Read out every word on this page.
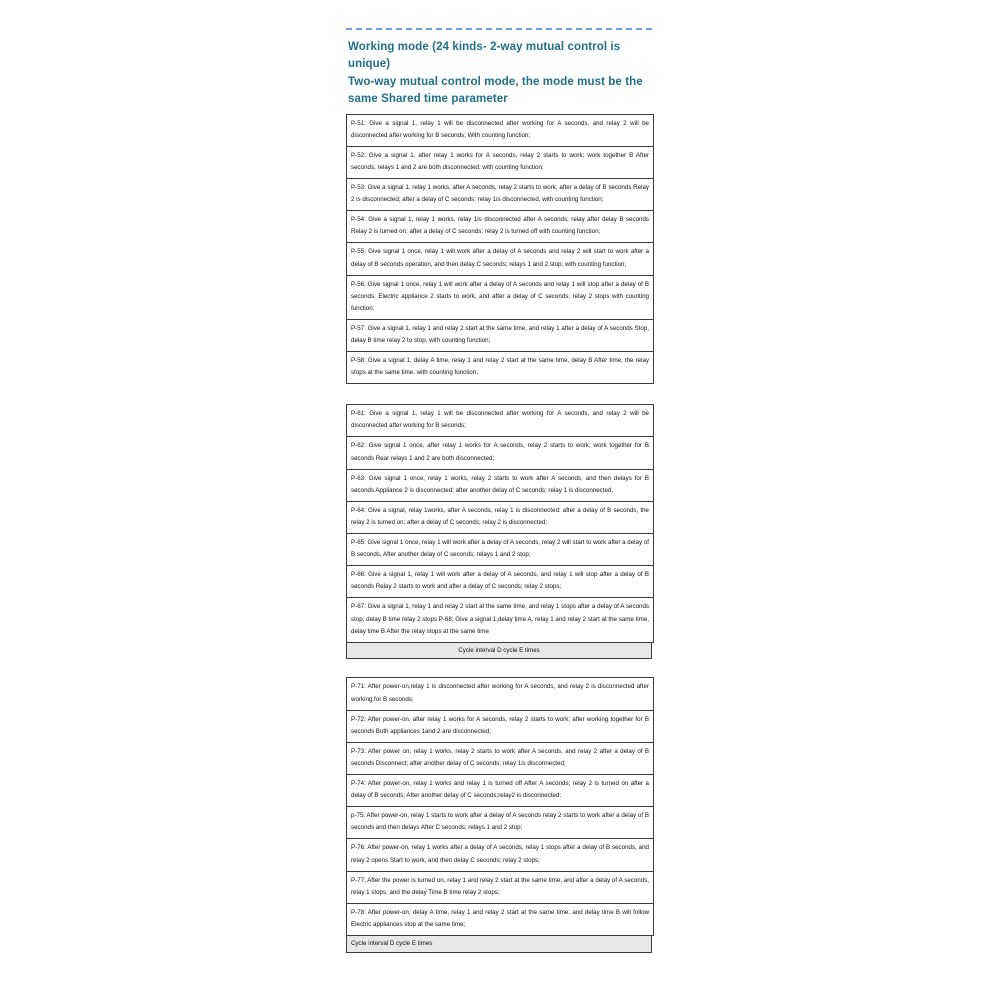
Working mode (24 kinds- 2-way mutual control is unique)
Two-way mutual control mode, the mode must be the same Shared time parameter
P-51: Give a signal 1, relay 1 will be disconnected after working for A seconds, and relay 2 will be disconnected after working for B seconds; With counting function;
P-52: Give a signal 1, after relay 1 works for A seconds, relay 2 starts to work; work together B After seconds, relays 1 and 2 are both disconnected; with counting function;
P-53: Give a signal 1, relay 1 works, after A seconds, relay 2 starts to work, after a delay of B seconds Relay 2 is disconnected; after a delay of C seconds; relay 1is disconnected, with counting function;
P-54: Give a signal 1, relay 1 works. relay 1is disconnected after A seconds; relay after delay B seconds Relay 2 is turned on; after a delay of C seconds; relay 2 is turned off with counting function;
P-55: Give signal 1 once, relay 1 will work after a delay of A seconds and relay 2 will start to work after a delay of B seconds operation, and then delay C seconds; relays 1 and 2 stop, with counting function;
P-56: Give signal 1 once, relay 1 will work after a delay of A seconds and relay 1 will stop after a delay of B seconds. Electric appliance 2 starts to work, and after a delay of C seconds; relay 2 stops with counting function;
P-57: Give a signal 1, relay 1 and relay 2 start at the same time, and relay 1 after a delay of A seconds Stop, delay B time relay 2 to stop, with counting function;
P-58: Give a signal 1, delay A time, relay 1 and relay 2 start at the same time, delay B After time, the relay stops at the same time, with counting function;
P-61: Give a signal 1, relay 1 will be disconnected after working for A seconds, and relay 2 will be disconnected after working for B seconds;
P-62: Give signal 1 once, after relay 1 works for A seconds, relay 2 starts to work; work together for B seconds Rear relays 1 and 2 are both disconnected;
P-63: Give signal 1 once, relay 1 works, relay 2 starts to work after A seconds, and then delays for B seconds Appliance 2 is disconnected; after another delay of C seconds; relay 1 is disconnected,
P-64: Give a signal, relay 1works, after A seconds, relay 1 is disconnected: after a delay of B seconds, the relay 2 is turned on; after a delay of C seconds; relay 2 is disconnected;
P-65: Give signal 1 once, relay 1 will work after a delay of A seconds, relay 2 will start to work after a delay of B seconds, After another delay of C seconds; relays 1 and 2 stop;
P-66: Give a signal 1, relay 1 will work after a delay of A seconds, and relay 1 will stop after a delay of B seconds Relay 2 starts to work and after a delay of C seconds; relay 2 stops;
P-67: Give a signal 1, relay 1 and relay 2 start at the same time, and relay 1 stops after a delay of A seconds stop, delay B time relay 2 stops P-68: Give a signal 1,delay time A, relay 1 and relay 2 start at the same time, delay time B After the relay stops at the same time
Cycle interval D cycle E times
P-71: After power-on,relay 1 is disconnected after working for A seconds, and relay 2 is disconnected after working for B seconds;
P-72: After power-on, after relay 1 works for A seconds, relay 2 starts to work; after working together for B seconds Both appliances 1and 2 are disconnected;
P-73: After power on, relay 1 works, relay 2 starts to work after A seconds, and relay 2 after a delay of B seconds Disconnect; after another delay of C seconds; relay 1is disconnected;
P-74: After power-on, relay 1 works and relay 1 is turned off After A seconds; relay 2 is turned on after a delay of B seconds; After another delay of C seconds;relay2 is disconnected:
p-75: After power-on, relay 1 starts to work after a delay of A seconds relay 2 starts to work after a delay of B seconds and then delays After C seconds; relays 1 and 2 stop;
P-76: After power-on, relay 1 works after a delay of A seconds, relay 1 stops after a delay of B seconds, and relay 2 opens Start to work, and then delay C seconds; relay 2 stops;
P-77: After the power is turned on, relay 1 and relay 2 start at the same time, and after a delay of A seconds, relay 1 stops, and the delay Time B time relay 2 stops;
P-78: After power-on, delay A time, relay 1 and relay 2 start at the same time, and delay time B will follow Electric appliances stop at the same time;
Cycle interval D cycle E times
